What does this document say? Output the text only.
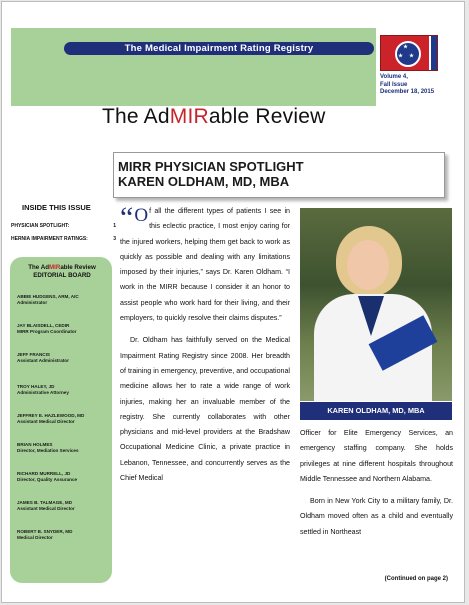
The Medical Impairment Rating Registry
Volume 4,
Fall Issue
December 18, 2015
The AdMIRable Review
MIRR PHYSICIAN SPOTLIGHT
KAREN OLDHAM, MD, MBA
INSIDE THIS ISSUE
PHYSICIAN SPOTLIGHT:	1
HERNIA IMPAIRMENT RATINGS:	3
The AdMIRable Review
EDITORIAL BOARD
ABBIE HUDGENS, ARM, AIC
Administrator
JAY BLAISDELL, CEDIR
MIRR Program Coordinator
JEFF FRANCIS
Assistant Administrator
TROY HALEY, JD
Administrative Attorney
JEFFREY E. HAZLEWOOD, MD
Assistant Medical Director
BRIAN HOLMES
Director, Mediation Services
RICHARD MURRELL, JD
Director, Quality Assurance
JAMES B. TALMAGE, MD
Assistant Medical Director
ROBERT B. SNYDER, MD
Medical Director

“ O f all the different types of patients I see in this eclectic practice, I most enjoy caring for the injured workers, helping them get back to work as quickly as possible and dealing with any limitations imposed by their injuries,” says Dr. Karen Oldham. “I work in the MIRR because I consider it an honor to assist people who work hard for their living, and their employers, to quickly resolve their claims disputes.”

Dr. Oldham has faithfully served on the Medical Impairment Rating Registry since 2008. Her breadth of training in emergency, preventive, and occupational medicine allows her to rate a wide range of work injuries, making her an invaluable member of the registry. She currently collaborates with other physicians and mid-level providers at the Bradshaw Occupational Medicine Clinic, a private practice in Lebanon, Tennessee, and concurrently serves as the Chief Medical

KAREN OLDHAM, MD, MBA

Officer for Elite Emergency Services, an emergency staffing company. She holds privileges at nine different hospitals throughout Middle Tennessee and Northern Alabama.

Born in New York City to a military family, Dr. Oldham moved often as a child and eventually settled in Northeast

(Continued on page 2)
